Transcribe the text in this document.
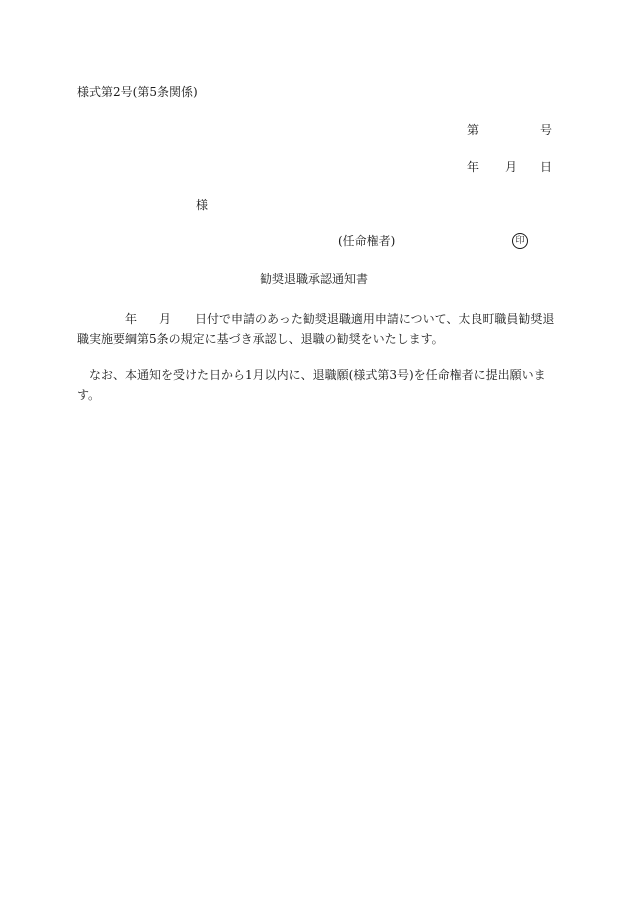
様式第2号(第5条関係)
第	号
年 月 日
様
(任命権者)	印
勧奨退職承認通知書
年 月 日付で申請のあった勧奨退職適用申請について、太良町職員勧奨退職実施要綱第5条の規定に基づき承認し、退職の勧奨をいたします。
なお、本通知を受けた日から1月以内に、退職願(様式第3号)を任命権者に提出願います。
